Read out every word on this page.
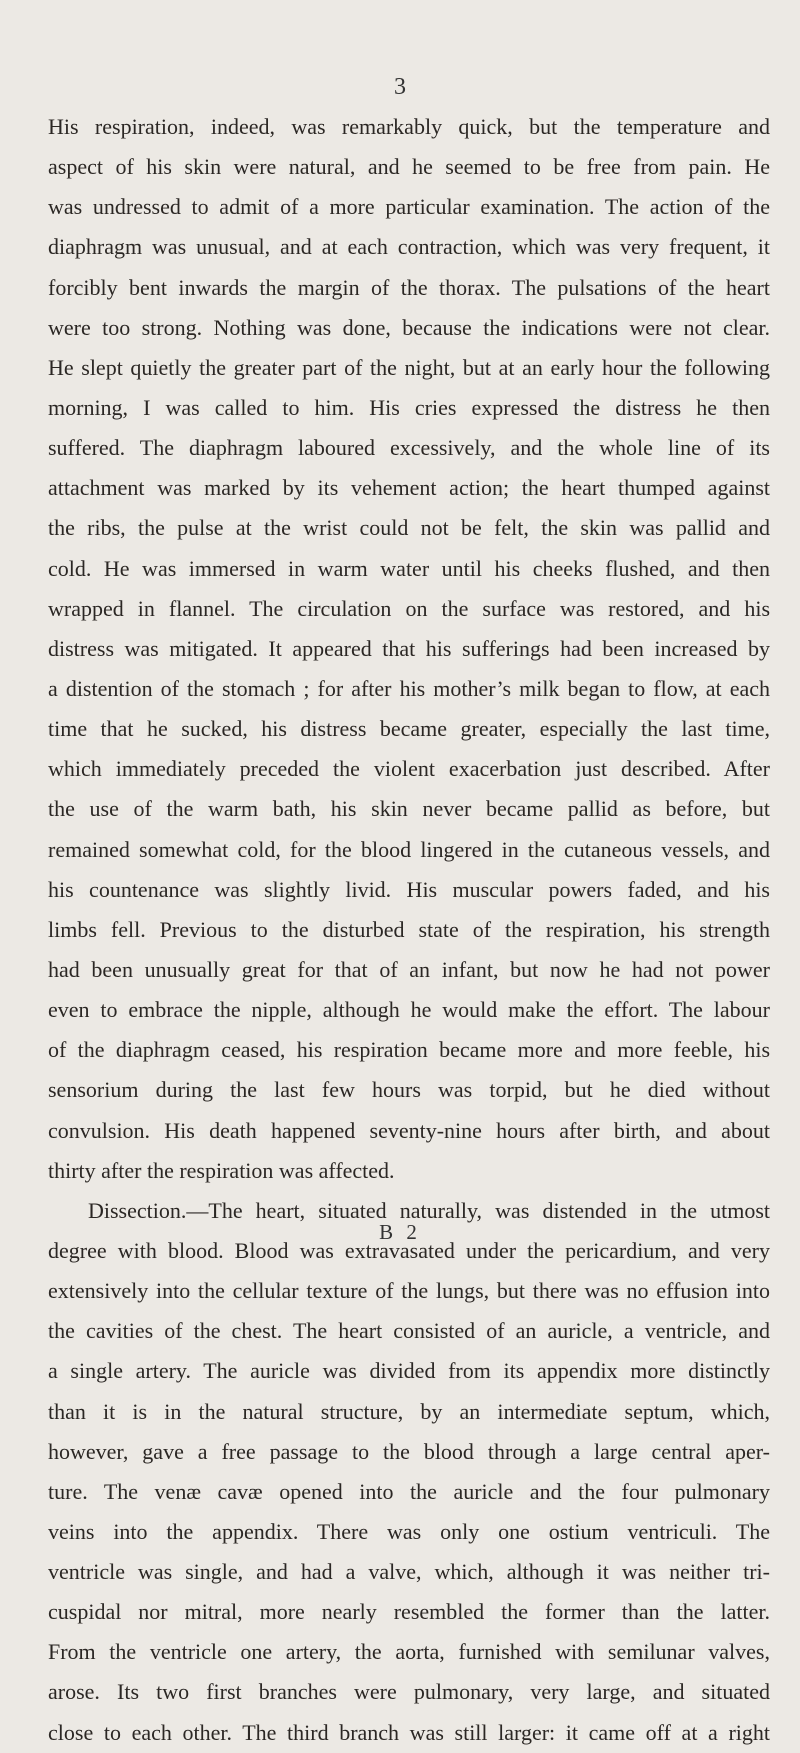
3
His respiration, indeed, was remarkably quick, but the temperature and
aspect of his skin were natural, and he seemed to be free from pain. He
was undressed to admit of a more particular examination. The action of the
diaphragm was unusual, and at each contraction, which was very frequent, it
forcibly bent inwards the margin of the thorax. The pulsations of the heart
were too strong. Nothing was done, because the indications were not clear.
He slept quietly the greater part of the night, but at an early hour the following
morning, I was called to him. His cries expressed the distress he then
suffered. The diaphragm laboured excessively, and the whole line of its
attachment was marked by its vehement action; the heart thumped against
the ribs, the pulse at the wrist could not be felt, the skin was pallid and
cold. He was immersed in warm water until his cheeks flushed, and then
wrapped in flannel. The circulation on the surface was restored, and his
distress was mitigated. It appeared that his sufferings had been increased by
a distention of the stomach ; for after his mother’s milk began to flow, at each
time that he sucked, his distress became greater, especially the last time,
which immediately preceded the violent exacerbation just described. After
the use of the warm bath, his skin never became pallid as before, but
remained somewhat cold, for the blood lingered in the cutaneous vessels, and
his countenance was slightly livid. His muscular powers faded, and his
limbs fell. Previous to the disturbed state of the respiration, his strength
had been unusually great for that of an infant, but now he had not power
even to embrace the nipple, although he would make the effort. The labour
of the diaphragm ceased, his respiration became more and more feeble, his
sensorium during the last few hours was torpid, but he died without
convulsion. His death happened seventy-nine hours after birth, and about
thirty after the respiration was affected.
Dissection.—The heart, situated naturally, was distended in the utmost
degree with blood. Blood was extravasated under the pericardium, and very
extensively into the cellular texture of the lungs, but there was no effusion into
the cavities of the chest. The heart consisted of an auricle, a ventricle, and
a single artery. The auricle was divided from its appendix more distinctly
than it is in the natural structure, by an intermediate septum, which,
however, gave a free passage to the blood through a large central aper-
ture. The venæ cavæ opened into the auricle and the four pulmonary
veins into the appendix. There was only one ostium ventriculi. The
ventricle was single, and had a valve, which, although it was neither tri-
cuspidal nor mitral, more nearly resembled the former than the latter.
From the ventricle one artery, the aorta, furnished with semilunar valves,
arose. Its two first branches were pulmonary, very large, and situated
close to each other. The third branch was still larger: it came off at a right
B 2
